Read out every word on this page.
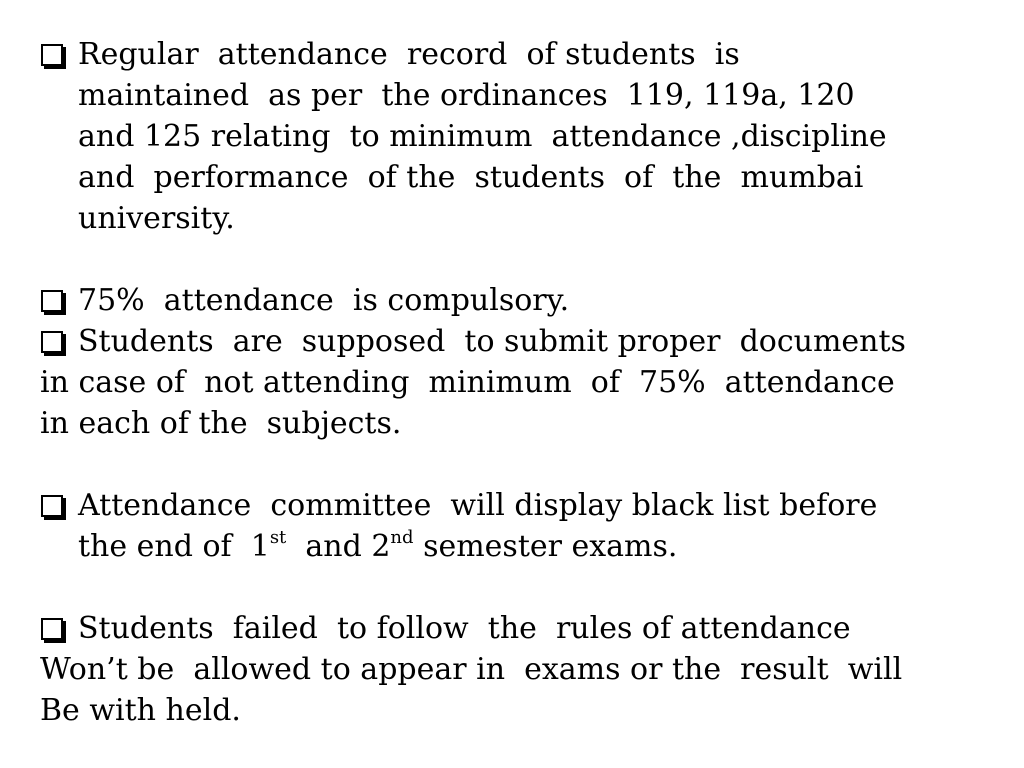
Regular  attendance  record  of students  is
maintained  as per  the ordinances  119, 119a, 120
and 125 relating  to minimum  attendance ,discipline
and  performance  of the  students  of  the  mumbai
university.
75%  attendance  is compulsory.
Students  are  supposed  to submit proper  documents
in case of  not attending  minimum  of  75%  attendance
in each of the  subjects.
Attendance  committee  will display black list before
the end of  1st  and 2nd semester exams.
Students  failed  to follow  the  rules of attendance
Won’t be  allowed to appear in  exams or the  result  will
Be with held.
